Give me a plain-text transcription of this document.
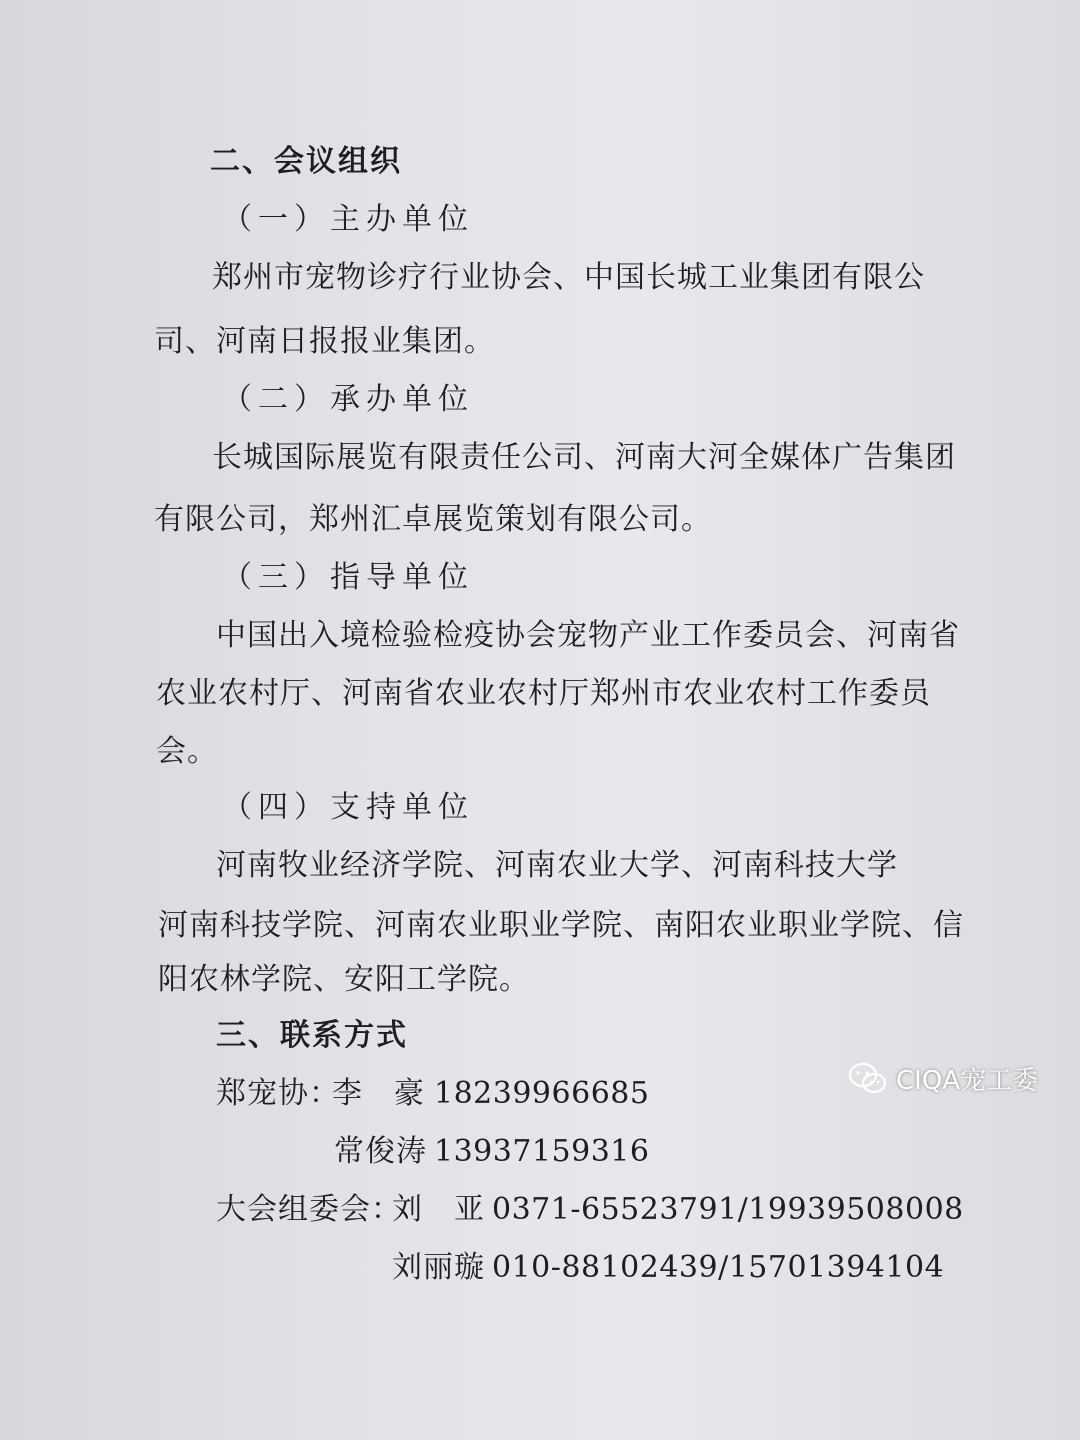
二、会议组织
（一）主办单位
郑州市宠物诊疗行业协会、中国长城工业集团有限公
司、河南日报报业集团。
（二）承办单位
长城国际展览有限责任公司、河南大河全媒体广告集团
有限公司，郑州汇卓展览策划有限公司。
（三）指导单位
中国出入境检验检疫协会宠物产业工作委员会、河南省
农业农村厅、河南省农业农村厅郑州市农业农村工作委员
会。
（四）支持单位
河南牧业经济学院、河南农业大学、河南科技大学
河南科技学院、河南农业职业学院、南阳农业职业学院、信
阳农林学院、安阳工学院。
三、联系方式
郑宠协：
李　豪 18239966685
常俊涛 13937159316
大会组委会：
刘　亚 0371-65523791/19939508008
刘丽璇 010-88102439/15701394104
CIQA宠工委
